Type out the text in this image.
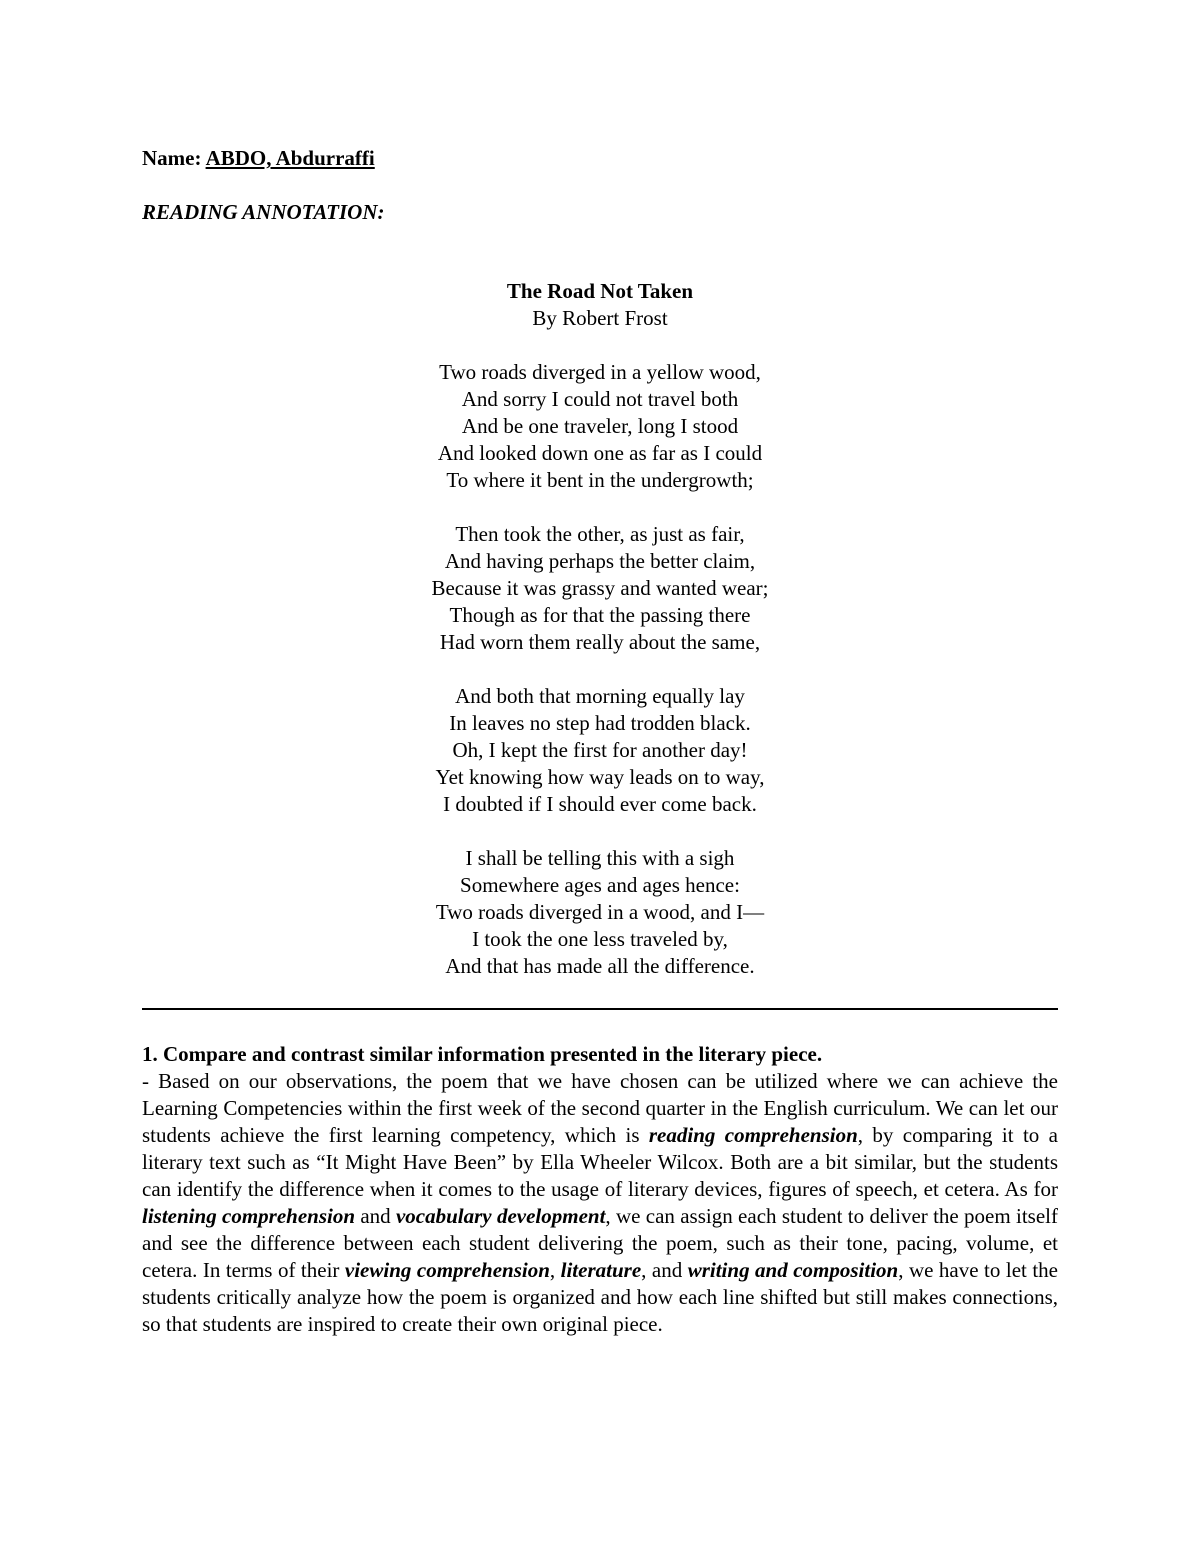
Name: ABDO, Abdurraffi
READING ANNOTATION:
The Road Not Taken
By Robert Frost
Two roads diverged in a yellow wood,
And sorry I could not travel both
And be one traveler, long I stood
And looked down one as far as I could
To where it bent in the undergrowth;
Then took the other, as just as fair,
And having perhaps the better claim,
Because it was grassy and wanted wear;
Though as for that the passing there
Had worn them really about the same,
And both that morning equally lay
In leaves no step had trodden black.
Oh, I kept the first for another day!
Yet knowing how way leads on to way,
I doubted if I should ever come back.
I shall be telling this with a sigh
Somewhere ages and ages hence:
Two roads diverged in a wood, and I—
I took the one less traveled by,
And that has made all the difference.
1. Compare and contrast similar information presented in the literary piece.
- Based on our observations, the poem that we have chosen can be utilized where we can achieve the Learning Competencies within the first week of the second quarter in the English curriculum. We can let our students achieve the first learning competency, which is reading comprehension, by comparing it to a literary text such as “It Might Have Been” by Ella Wheeler Wilcox. Both are a bit similar, but the students can identify the difference when it comes to the usage of literary devices, figures of speech, et cetera. As for listening comprehension and vocabulary development, we can assign each student to deliver the poem itself and see the difference between each student delivering the poem, such as their tone, pacing, volume, et cetera. In terms of their viewing comprehension, literature, and writing and composition, we have to let the students critically analyze how the poem is organized and how each line shifted but still makes connections, so that students are inspired to create their own original piece.
